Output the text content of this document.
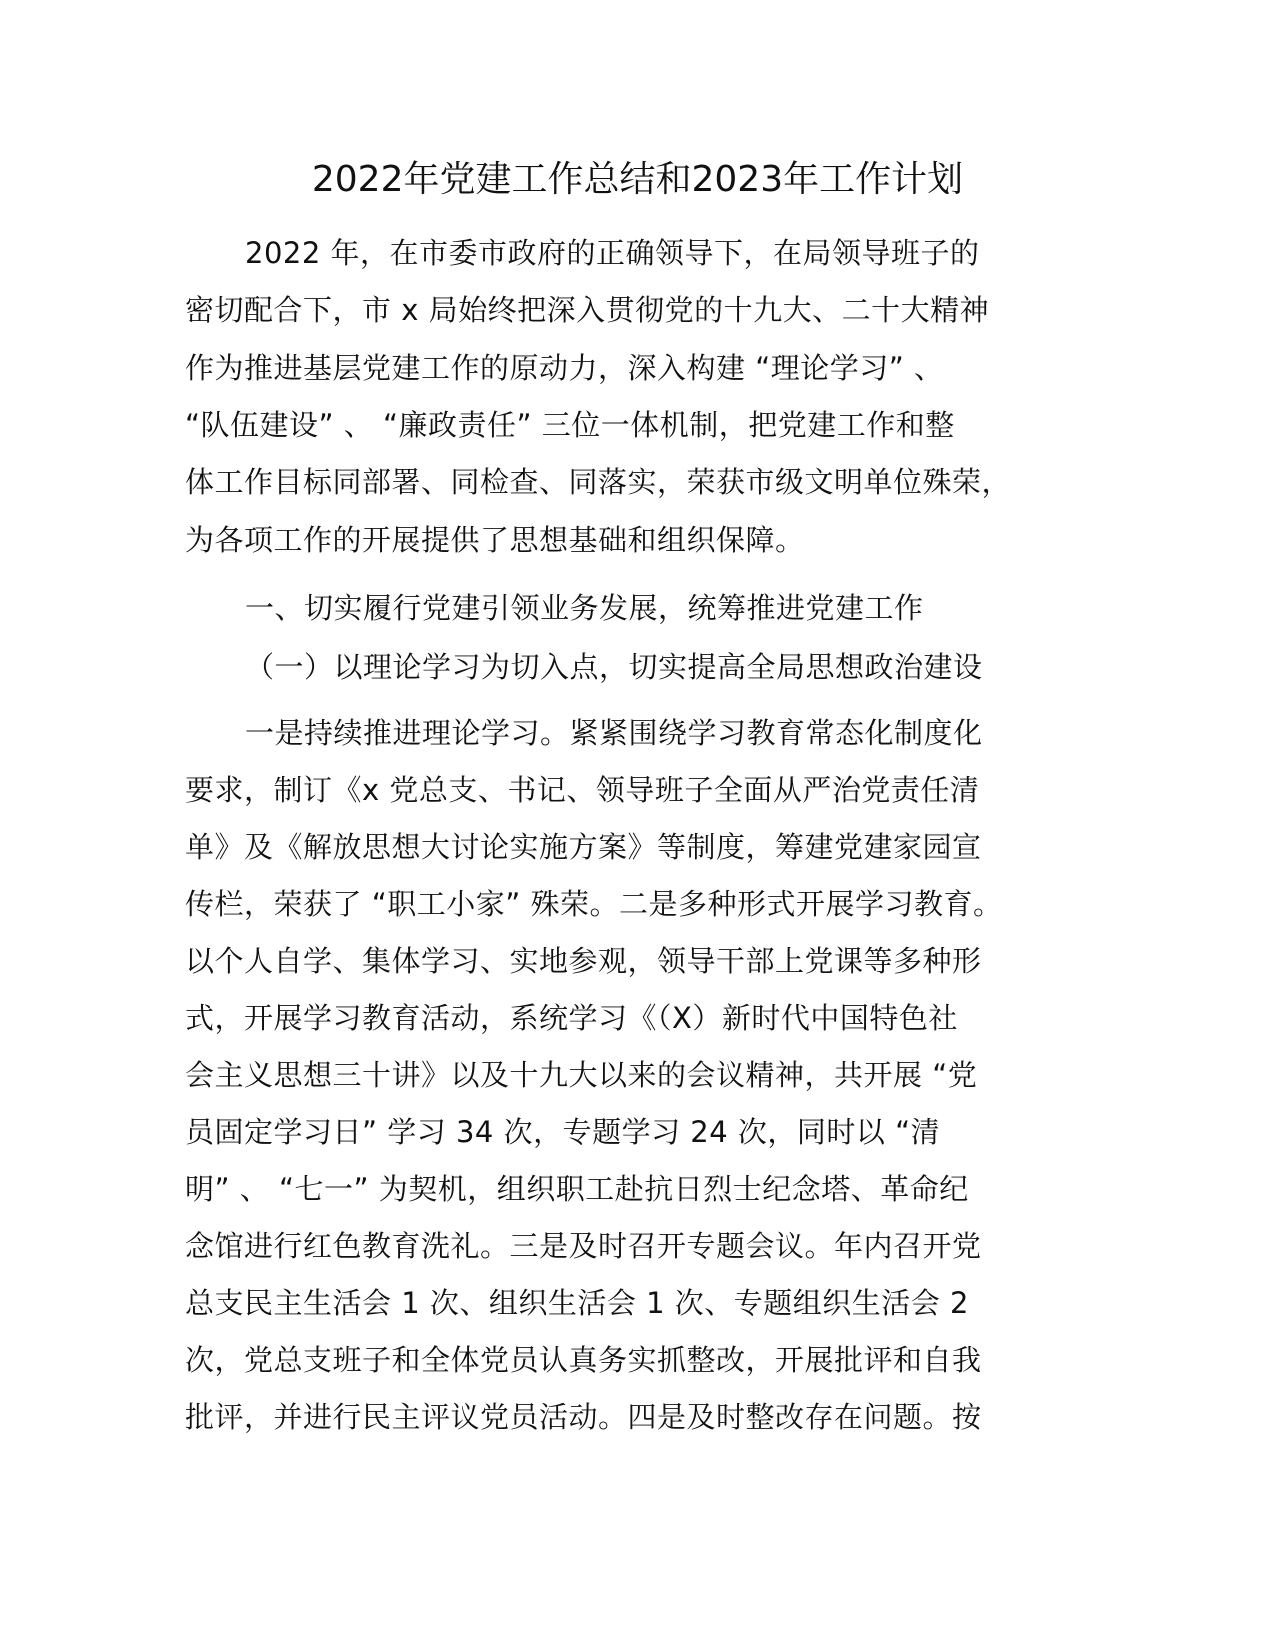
2022年党建工作总结和2023年工作计划
2022 年，在市委市政府的正确领导下，在局领导班子的
密切配合下，市 x 局始终把深入贯彻党的十九大、二十大精神
作为推进基层党建工作的原动力，深入构建 “理论学习” 、
“队伍建设” 、 “廉政责任” 三位一体机制，把党建工作和整
体工作目标同部署、同检查、同落实，荣获市级文明单位殊荣，
为各项工作的开展提供了思想基础和组织保障。
一、切实履行党建引领业务发展，统筹推进党建工作
（一）以理论学习为切入点，切实提高全局思想政治建设
一是持续推进理论学习。紧紧围绕学习教育常态化制度化
要求，制订《x 党总支、书记、领导班子全面从严治党责任清
单》及《解放思想大讨论实施方案》等制度，筹建党建家园宣
传栏，荣获了 “职工小家” 殊荣。二是多种形式开展学习教育。
以个人自学、集体学习、实地参观，领导干部上党课等多种形
式，开展学习教育活动，系统学习《（X）新时代中国特色社
会主义思想三十讲》以及十九大以来的会议精神，共开展 “党
员固定学习日” 学习 34 次，专题学习 24 次，同时以 “清
明” 、 “七一” 为契机，组织职工赴抗日烈士纪念塔、革命纪
念馆进行红色教育洗礼。三是及时召开专题会议。年内召开党
总支民主生活会 1 次、组织生活会 1 次、专题组织生活会 2
次，党总支班子和全体党员认真务实抓整改，开展批评和自我
批评，并进行民主评议党员活动。四是及时整改存在问题。按
